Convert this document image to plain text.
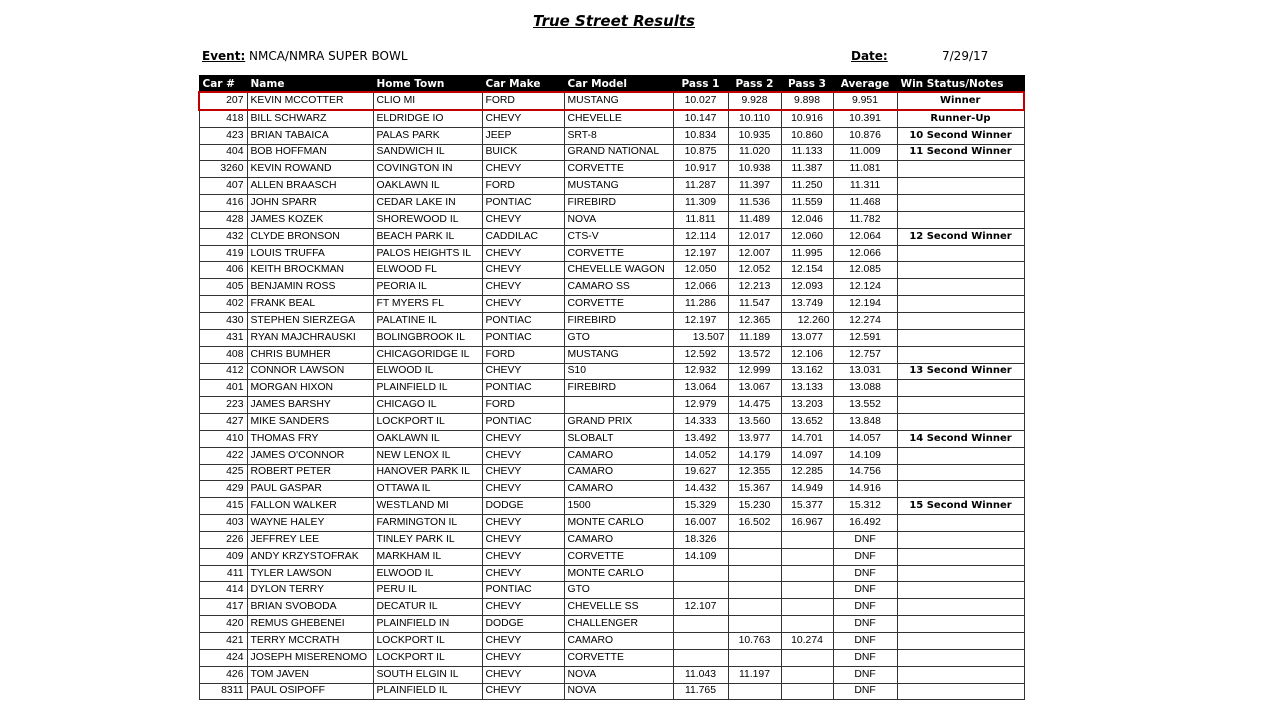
True Street Results
Event: NMCA/NMRA SUPER BOWL	Date:	7/29/17
Car #	Name	Home Town	Car Make	Car Model	Pass 1	Pass 2	Pass 3	Average	Win Status/Notes
207	KEVIN MCCOTTER	CLIO MI	FORD	MUSTANG	10.027	9.928	9.898	9.951	Winner
418	BILL SCHWARZ	ELDRIDGE IO	CHEVY	CHEVELLE	10.147	10.110	10.916	10.391	Runner-Up
423	BRIAN TABAICA	PALAS PARK	JEEP	SRT-8	10.834	10.935	10.860	10.876	10 Second Winner
404	BOB HOFFMAN	SANDWICH IL	BUICK	GRAND NATIONAL	10.875	11.020	11.133	11.009	11 Second Winner
3260	KEVIN ROWAND	COVINGTON IN	CHEVY	CORVETTE	10.917	10.938	11.387	11.081	
407	ALLEN BRAASCH	OAKLAWN IL	FORD	MUSTANG	11.287	11.397	11.250	11.311	
416	JOHN SPARR	CEDAR LAKE IN	PONTIAC	FIREBIRD	11.309	11.536	11.559	11.468	
428	JAMES KOZEK	SHOREWOOD IL	CHEVY	NOVA	11.811	11.489	12.046	11.782	
432	CLYDE BRONSON	BEACH PARK IL	CADDILAC	CTS-V	12.114	12.017	12.060	12.064	12 Second Winner
419	LOUIS TRUFFA	PALOS HEIGHTS IL	CHEVY	CORVETTE	12.197	12.007	11.995	12.066	
406	KEITH BROCKMAN	ELWOOD FL	CHEVY	CHEVELLE WAGON	12.050	12.052	12.154	12.085	
405	BENJAMIN ROSS	PEORIA IL	CHEVY	CAMARO SS	12.066	12.213	12.093	12.124	
402	FRANK BEAL	FT MYERS FL	CHEVY	CORVETTE	11.286	11.547	13.749	12.194	
430	STEPHEN SIERZEGA	PALATINE IL	PONTIAC	FIREBIRD	12.197	12.365	12.260	12.274	
431	RYAN MAJCHRAUSKI	BOLINGBROOK IL	PONTIAC	GTO	13.507	11.189	13.077	12.591	
408	CHRIS BUMHER	CHICAGORIDGE IL	FORD	MUSTANG	12.592	13.572	12.106	12.757	
412	CONNOR LAWSON	ELWOOD IL	CHEVY	S10	12.932	12.999	13.162	13.031	13 Second Winner
401	MORGAN HIXON	PLAINFIELD IL	PONTIAC	FIREBIRD	13.064	13.067	13.133	13.088	
223	JAMES BARSHY	CHICAGO IL	FORD		12.979	14.475	13.203	13.552	
427	MIKE SANDERS	LOCKPORT IL	PONTIAC	GRAND PRIX	14.333	13.560	13.652	13.848	
410	THOMAS FRY	OAKLAWN IL	CHEVY	SLOBALT	13.492	13.977	14.701	14.057	14 Second Winner
422	JAMES O'CONNOR	NEW LENOX IL	CHEVY	CAMARO	14.052	14.179	14.097	14.109	
425	ROBERT PETER	HANOVER PARK IL	CHEVY	CAMARO	19.627	12.355	12.285	14.756	
429	PAUL GASPAR	OTTAWA IL	CHEVY	CAMARO	14.432	15.367	14.949	14.916	
415	FALLON WALKER	WESTLAND MI	DODGE	1500	15.329	15.230	15.377	15.312	15 Second Winner
403	WAYNE HALEY	FARMINGTON IL	CHEVY	MONTE CARLO	16.007	16.502	16.967	16.492	
226	JEFFREY LEE	TINLEY PARK IL	CHEVY	CAMARO	18.326			DNF	
409	ANDY KRZYSTOFRAK	MARKHAM IL	CHEVY	CORVETTE	14.109			DNF	
411	TYLER LAWSON	ELWOOD IL	CHEVY	MONTE CARLO				DNF	
414	DYLON TERRY	PERU IL	PONTIAC	GTO				DNF	
417	BRIAN SVOBODA	DECATUR IL	CHEVY	CHEVELLE SS	12.107			DNF	
420	REMUS GHEBENEI	PLAINFIELD IN	DODGE	CHALLENGER				DNF	
421	TERRY MCCRATH	LOCKPORT IL	CHEVY	CAMARO		10.763	10.274	DNF	
424	JOSEPH MISERENOMO	LOCKPORT IL	CHEVY	CORVETTE				DNF	
426	TOM JAVEN	SOUTH ELGIN IL	CHEVY	NOVA	11.043	11.197		DNF	
8311	PAUL OSIPOFF	PLAINFIELD IL	CHEVY	NOVA	11.765			DNF	
